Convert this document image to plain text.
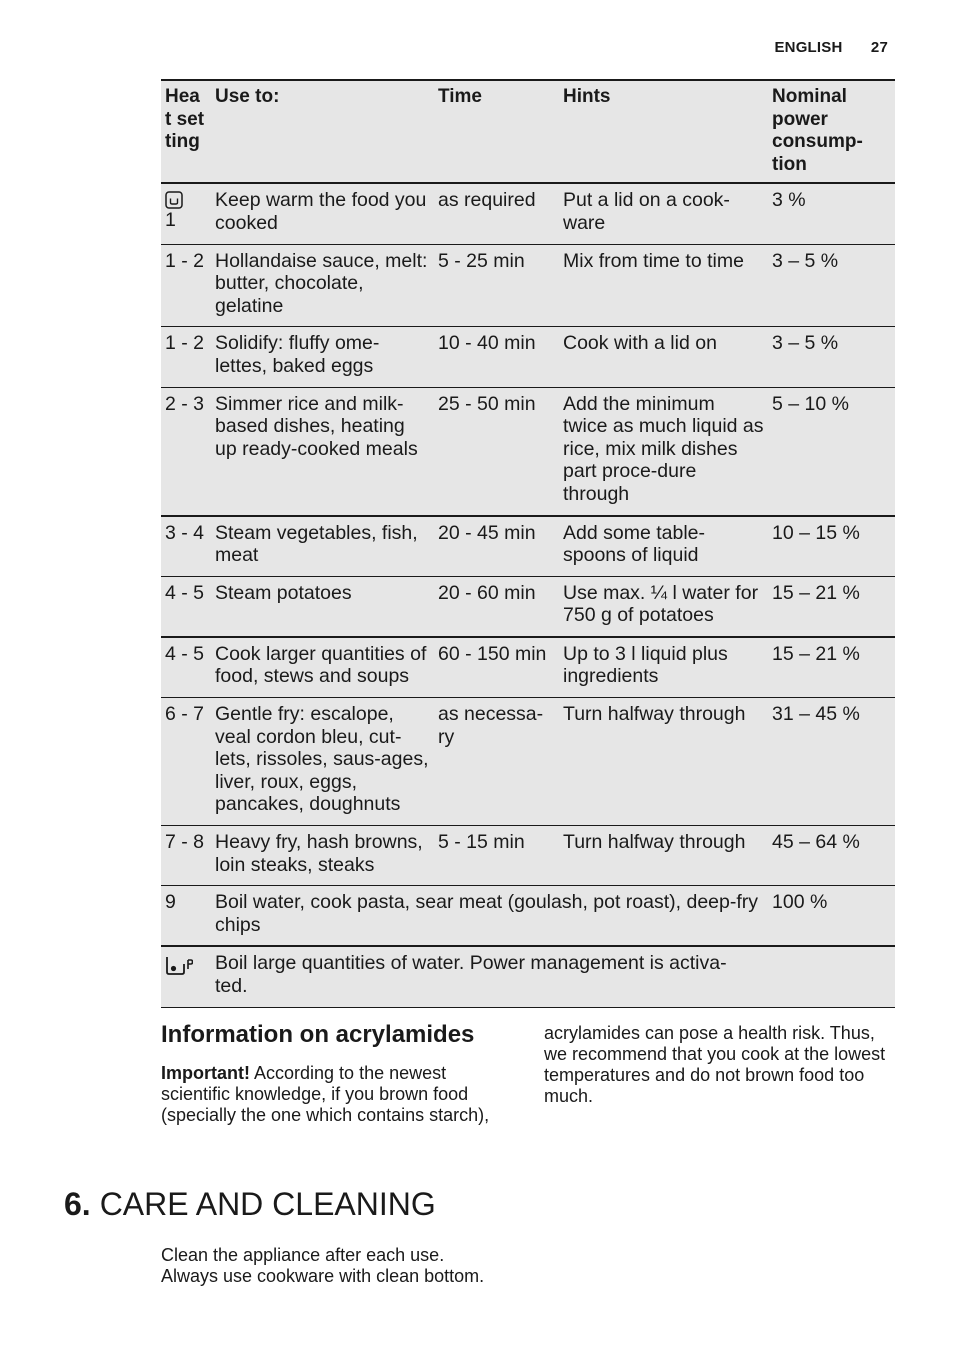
ENGLISH 27
Heat setting	Use to:	Time	Hints	Nominal power consump-tion

1	Keep warm the food you cooked	as required	Put a lid on a cook-ware	3 %

1 - 2	Hollandaise sauce, melt: butter, chocolate, gelatine	5 - 25 min	Mix from time to time	3 – 5 %

1 - 2	Solidify: fluffy ome-lettes, baked eggs	10 - 40 min	Cook with a lid on	3 – 5 %

2 - 3	Simmer rice and milk-based dishes, heating up ready-cooked meals	25 - 50 min	Add the minimum twice as much liquid as rice, mix milk dishes part proce-dure through	5 – 10 %

3 - 4	Steam vegetables, fish, meat	20 - 45 min	Add some table-spoons of liquid	10 – 15 %

4 - 5	Steam potatoes	20 - 60 min	Use max. ¼ l water for 750 g of potatoes	15 – 21 %

4 - 5	Cook larger quantities of food, stews and soups	60 - 150 min	Up to 3 l liquid plus ingredients	15 – 21 %

6 - 7	Gentle fry: escalope, veal cordon bleu, cut-lets, rissoles, saus-ages, liver, roux, eggs, pancakes, doughnuts	as necessa-ry	Turn halfway through	31 – 45 %

7 - 8	Heavy fry, hash browns, loin steaks, steaks	5 - 15 min	Turn halfway through	45 – 64 %
9	Boil water, cook pasta, sear meat (goulash, pot roast), deep-fry chips			100 %

	Boil large quantities of water. Power management is activa-ted.			
Information on acrylamides

Important! According to the newest scientific knowledge, if you brown food (specially the one which contains starch),

acrylamides can pose a health risk. Thus, we recommend that you cook at the lowest temperatures and do not brown food too much.

6. CARE AND CLEANING

Clean the appliance after each use.
Always use cookware with clean bottom.
